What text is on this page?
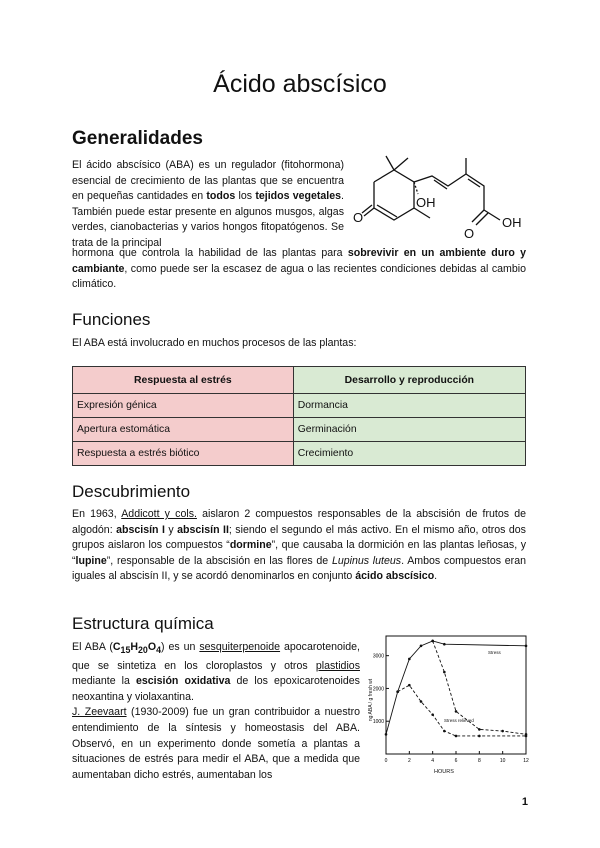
Ácido abscísico
Generalidades

El ácido abscísico (ABA) es un regulador (fitohormona) esencial de crecimiento de las plantas que se encuentra en pequeñas cantidades en todos los tejidos vegetales. También puede estar presente en algunos musgos, algas verdes, cianobacterias y varios hongos fitopatógenos. Se trata de la principal

OH
O
O
OH

hormona que controla la habilidad de las plantas para sobrevivir en un ambiente duro y cambiante, como puede ser la escasez de agua o las recientes condiciones debidas al cambio climático.

Funciones

El ABA está involucrado en muchos procesos de las plantas:

Respuesta al estrés	Desarrollo y reproducción
Expresión génica	Dormancia
Apertura estomática	Germinación
Respuesta a estrés biótico	Crecimiento
Descubrimiento

En 1963, Addicott y cols. aislaron 2 compuestos responsables de la abscisión de frutos de algodón: abscisín I y abscisín II; siendo el segundo el más activo. En el mismo año, otros dos grupos aislaron los compuestos “dormine”, que causaba la dormición en las plantas leñosas, y “lupine”, responsable de la abscisión en las flores de Lupinus luteus. Ambos compuestos eran iguales al abscisín II, y se acordó denominarlos en conjunto ácido abscísico.

Estructura química

El ABA $(C_{15}H_{20}O_4)$ es un sesquiterpenoide apocarotenoide, que se sintetiza en los cloroplastos y otros plastidios mediante la escisión oxidativa de los epoxicarotenoides neoxantina y violaxantina.
J. Zeevaart (1930-2009) fue un gran contribuidor a nuestro entendimiento de la síntesis y homeostasis del ABA. Observó, en un experimento donde sometía a plantas a situaciones de estrés para medir el ABA, que a medida que aumentaban dicho estrés, aumentaban los

ng ABA / g fresh wt
HOURS
3000
2000
1000
0	2	4	6	8	10	12
Stress
Stress relieved
1
